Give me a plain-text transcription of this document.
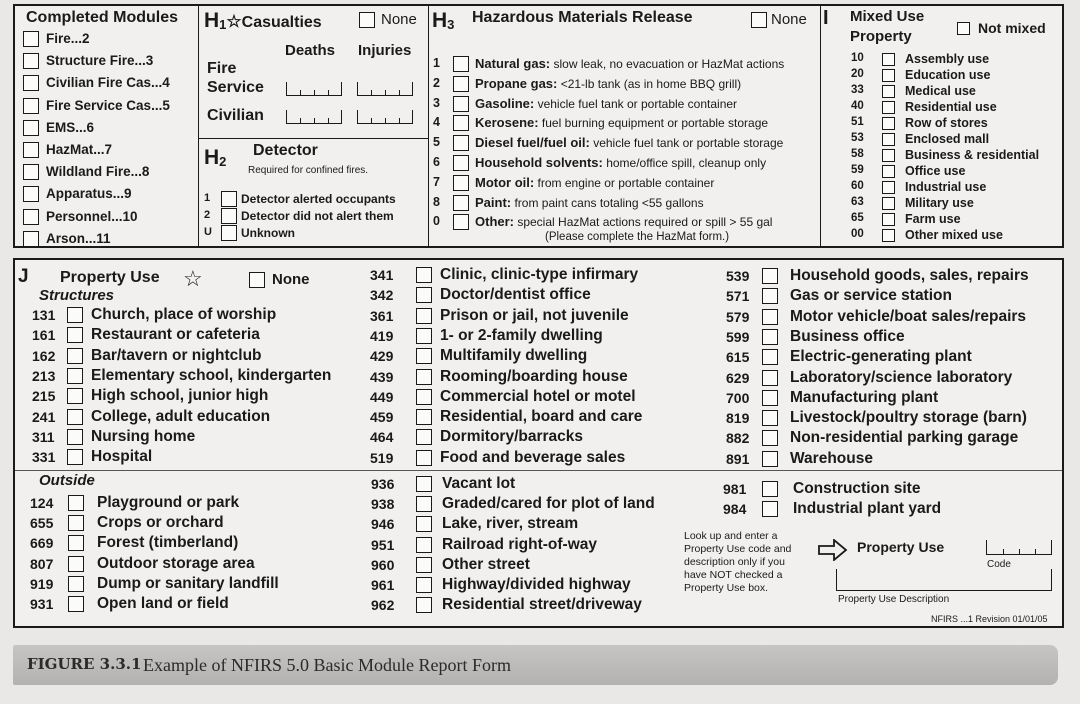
Completed Modules
Fire...2
Structure Fire...3
Civilian Fire Cas...4
Fire Service Cas...5
EMS...6
HazMat...7
Wildland Fire...8
Apparatus...9
Personnel...10
Arson...11
H1☆Casualties	None
Deaths Injuries
Fire
Service
Civilian
H2
Detector
Required for confined fires.
1	Detector alerted occupants
2	Detector did not alert them
U Unknown
H3 Hazardous Materials Release	None
1	Natural gas: slow leak, no evacuation or HazMat actions
2	Propane gas: <21-lb tank (as in home BBQ grill)
3	Gasoline: vehicle fuel tank or portable container
4	Kerosene: fuel burning equipment or portable storage
5	Diesel fuel/fuel oil: vehicle fuel tank or portable storage
6	Household solvents: home/office spill, cleanup only
7	Motor oil: from engine or portable container
8	Paint: from paint cans totaling <55 gallons
0	Other: special HazMat actions required or spill > 55 gal
(Please complete the HazMat form.)
I Mixed Use
Property	Not mixed
10	Assembly use
20	Education use
33	Medical use
40	Residential use
51	Row of stores
53	Enclosed mall
58	Business & residential
59	Office use
60	Industrial use
63	Military use
65	Farm use
00	Other mixed use
J Property Use ☆	None
Structures
131 Church, place of worship
161 Restaurant or cafeteria
162 Bar/tavern or nightclub
213 Elementary school, kindergarten
215 High school, junior high
241 College, adult education
311 Nursing home
331 Hospital
341	Clinic, clinic-type infirmary
342	Doctor/dentist office
361	Prison or jail, not juvenile
419	1- or 2-family dwelling
429	Multifamily dwelling
439	Rooming/boarding house
449	Commercial hotel or motel
459	Residential, board and care
464	Dormitory/barracks
519	Food and beverage sales
539	Household goods, sales, repairs
571	Gas or service station
579	Motor vehicle/boat sales/repairs
599	Business office
615	Electric-generating plant
629	Laboratory/science laboratory
700	Manufacturing plant
819	Livestock/poultry storage (barn)
882	Non-residential parking garage
891	Warehouse
Outside
124	Playground or park
655	Crops or orchard
669	Forest (timberland)
807	Outdoor storage area
919	Dump or sanitary landfill
931	Open land or field
936	Vacant lot
938	Graded/cared for plot of land
946	Lake, river, stream
951	Railroad right-of-way
960	Other street
961	Highway/divided highway
962	Residential street/driveway
981	Construction site
984	Industrial plant yard
Look up and enter a
Property Use code and
description only if you
have NOT checked a
Property Use box.
Property Use
Code
Property Use Description
NFIRS ...1 Revision 01/01/05
FIGURE 3.3.1 Example of NFIRS 5.0 Basic Module Report Form
